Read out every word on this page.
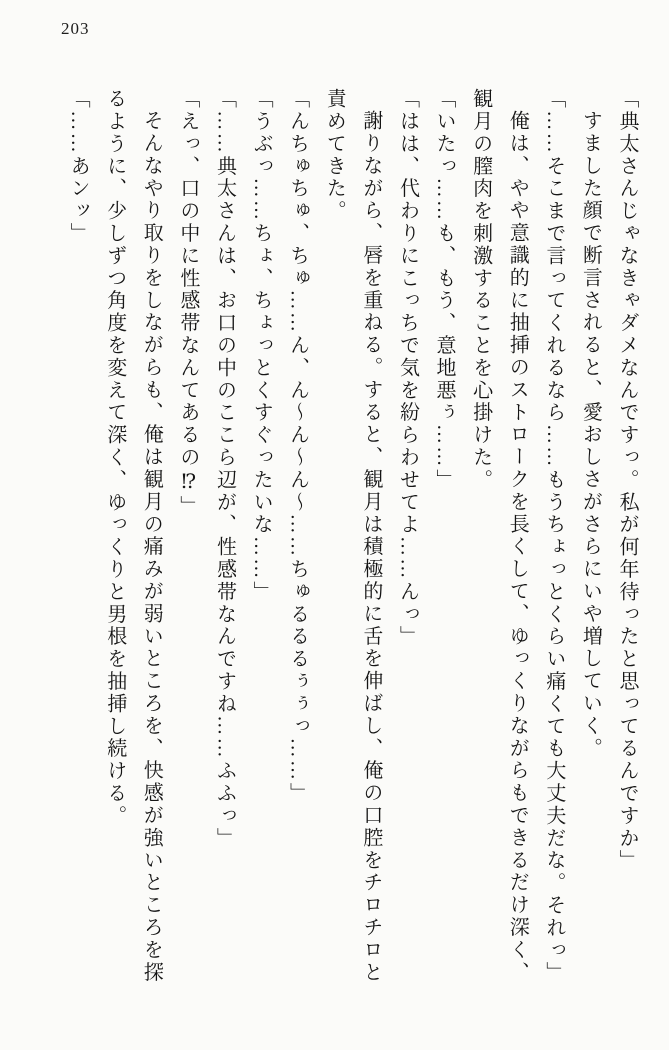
203

「典太さんじゃなきゃダメなんですっ。私が何年待ったと思ってるんですか」

すました顔で断言されると、愛おしさがさらにいや増していく。

「……そこまで言ってくれるなら……もうちょっとくらい痛くても大丈夫だな。それっ」

俺は、やや意識的に抽挿のストロークを長くして、ゆっくりながらもできるだけ深く、観月の膣肉を刺激することを心掛けた。

「いたっ……も、もう、意地悪ぅ……」

「はは、代わりにこっちで気を紛らわせてよ……んっ」

謝りながら、唇を重ねる。すると、観月は積極的に舌を伸ばし、俺の口腔をチロチロと責めてきた。

「んちゅちゅ、ちゅ……ん、ん〜ん〜ん〜……ちゅるるるぅぅっ……」

「うぶっ……ちょ、ちょっとくすぐったいな……」

「……典太さんは、お口の中のここら辺が、性感帯なんですね……ふふっ」

「えっ、口の中に性感帯なんてあるの⁉」

そんなやり取りをしながらも、俺は観月の痛みが弱いところを、快感が強いところを探るように、少しずつ角度を変えて深く、ゆっくりと男根を抽挿し続ける。

「……あンッ」
